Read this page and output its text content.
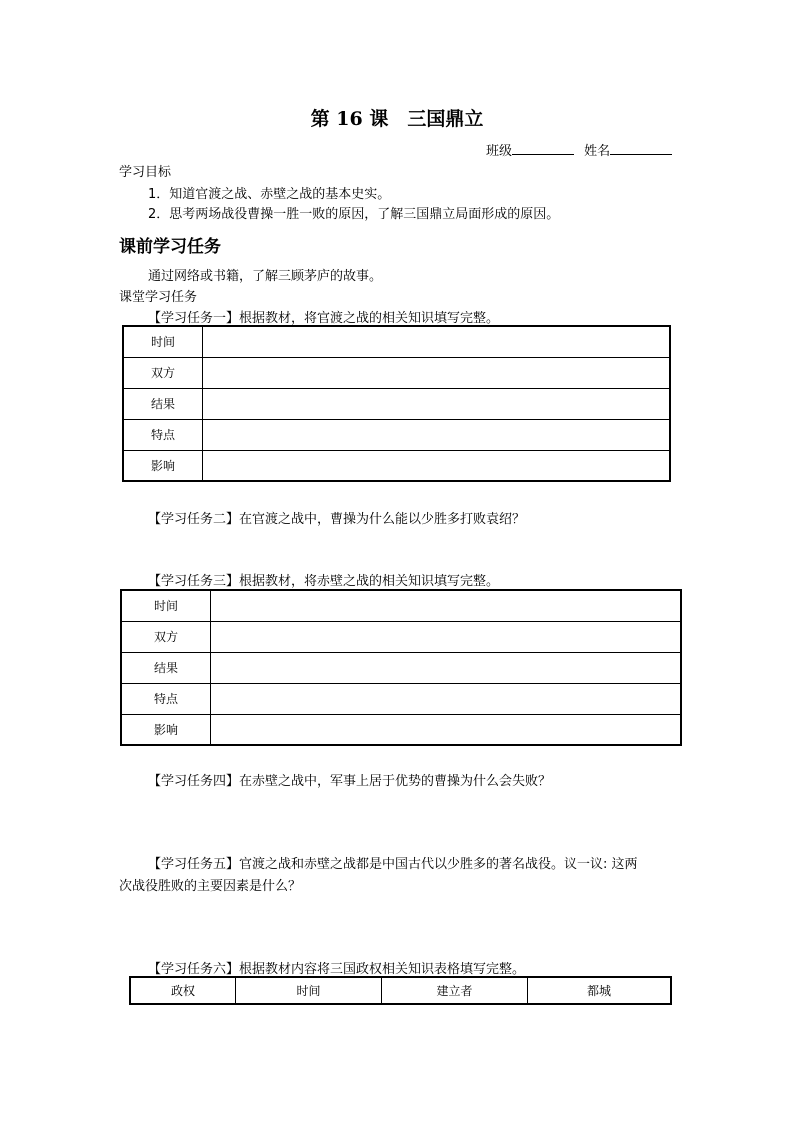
第 16 课　三国鼎立
班级	姓名
学习目标
1．知道官渡之战、赤壁之战的基本史实。
2．思考两场战役曹操一胜一败的原因，了解三国鼎立局面形成的原因。
课前学习任务
通过网络或书籍，了解三顾茅庐的故事。
课堂学习任务
【学习任务一】根据教材，将官渡之战的相关知识填写完整。
时间	
双方	
结果	
特点	
影响	
【学习任务二】在官渡之战中，曹操为什么能以少胜多打败袁绍？
【学习任务三】根据教材，将赤壁之战的相关知识填写完整。
时间	
双方	
结果	
特点	
影响	
【学习任务四】在赤壁之战中，军事上居于优势的曹操为什么会失败？
【学习任务五】官渡之战和赤壁之战都是中国古代以少胜多的著名战役。议一议: 这两
次战役胜败的主要因素是什么？
【学习任务六】根据教材内容将三国政权相关知识表格填写完整。
政权	时间	建立者	都城
